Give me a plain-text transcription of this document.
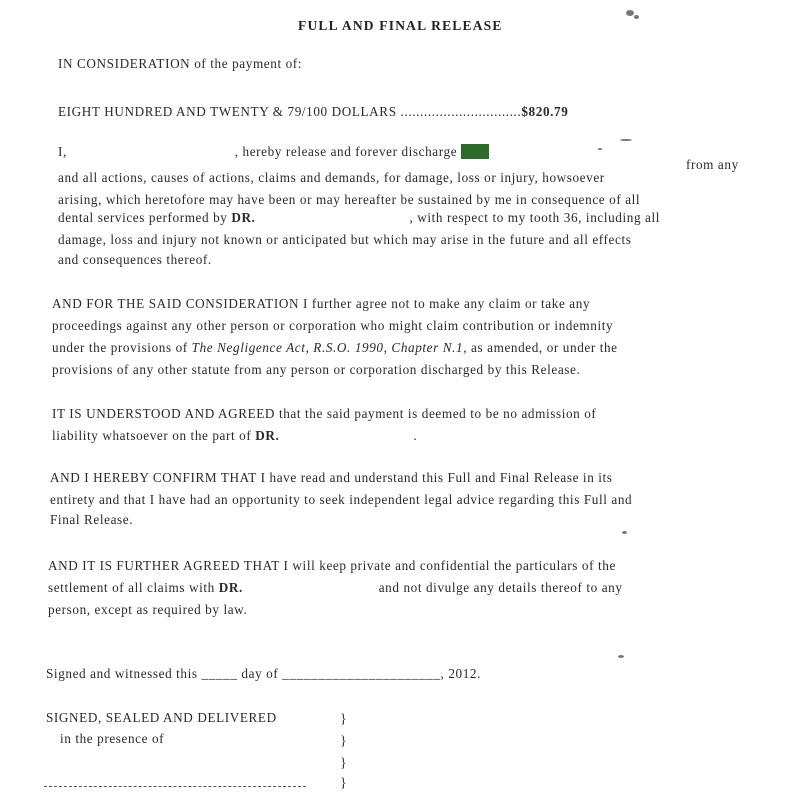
FULL AND FINAL RELEASE
IN CONSIDERATION of the payment of:
EIGHT HUNDRED AND TWENTY & 79/100 DOLLARS ...............................$820.79
I,	, hereby release and forever discharge DR.
from any
and all actions, causes of actions, claims and demands, for damage, loss or injury, howsoever
arising, which heretofore may have been or may hereafter be sustained by me in consequence of all
dental services performed by DR.	, with respect to my tooth 36, including all
damage, loss and injury not known or anticipated but which may arise in the future and all effects
and consequences thereof.
AND FOR THE SAID CONSIDERATION I further agree not to make any claim or take any
proceedings against any other person or corporation who might claim contribution or indemnity
under the provisions of The Negligence Act, R.S.O. 1990, Chapter N.1, as amended, or under the
provisions of any other statute from any person or corporation discharged by this Release.
IT IS UNDERSTOOD AND AGREED that the said payment is deemed to be no admission of
liability whatsoever on the part of DR.	.
AND I HEREBY CONFIRM THAT I have read and understand this Full and Final Release in its
entirety and that I have had an opportunity to seek independent legal advice regarding this Full and
Final Release.
AND IT IS FURTHER AGREED THAT I will keep private and confidential the particulars of the
settlement of all claims with DR.	and not divulge any details thereof to any
person, except as required by law.
Signed and witnessed this _____ day of ______________________, 2012.
SIGNED, SEALED AND DELIVERED
in the presence of
}
}
}
}
